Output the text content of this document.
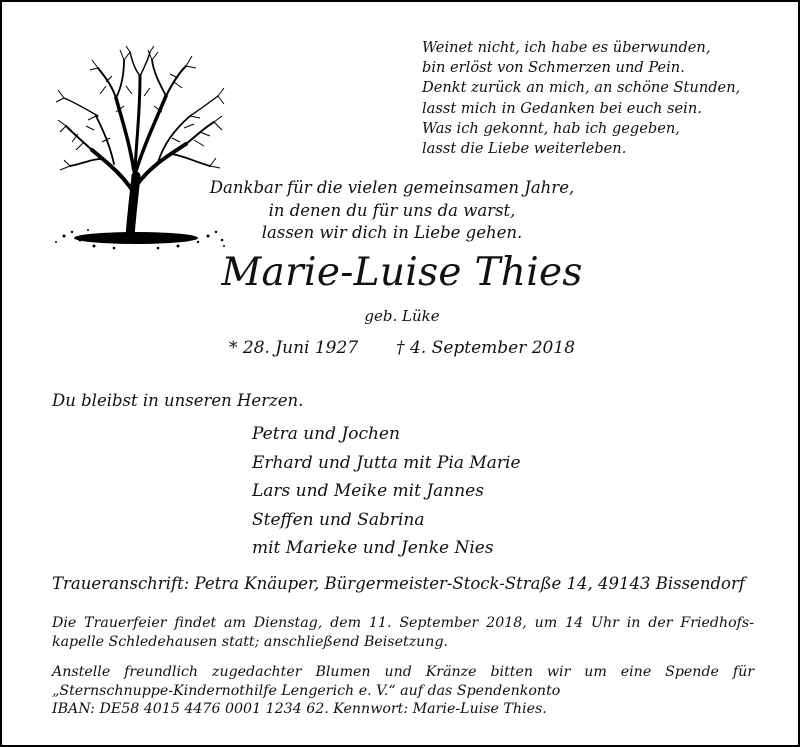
Weinet nicht, ich habe es überwunden,
bin erlöst von Schmerzen und Pein.
Denkt zurück an mich, an schöne Stunden,
lasst mich in Gedanken bei euch sein.
Was ich gekonnt, hab ich gegeben,
lasst die Liebe weiterleben.
Dankbar für die vielen gemeinsamen Jahre,
in denen du für uns da warst,
lassen wir dich in Liebe gehen.
Marie-Luise Thies
geb. Lüke
* 28. Juni 1927 † 4. September 2018
Du bleibst in unseren Herzen.
Petra und Jochen
Erhard und Jutta mit Pia Marie
Lars und Meike mit Jannes
Steffen und Sabrina
mit Marieke und Jenke Nies
Traueranschrift: Petra Knäuper, Bürgermeister-Stock-Straße 14, 49143 Bissendorf
Die Trauerfeier findet am Dienstag, dem 11. September 2018, um 14 Uhr in der Friedhofs-kapelle Schledehausen statt; anschließend Beisetzung.
Anstelle freundlich zugedachter Blumen und Kränze bitten wir um eine Spende für
„Sternschnuppe-Kindernothilfe Lengerich e. V.“ auf das Spendenkonto
IBAN: DE58 4015 4476 0001 1234 62. Kennwort: Marie-Luise Thies.
